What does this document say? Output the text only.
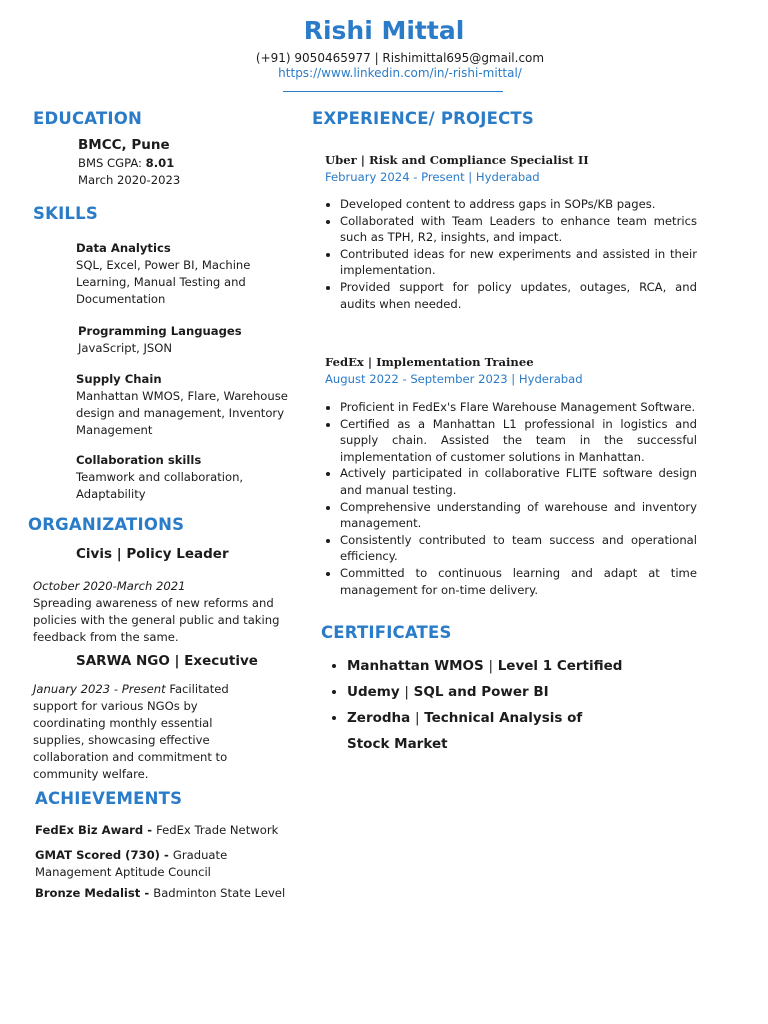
Rishi Mittal
(+91) 9050465977 | Rishimittal695@gmail.com
https://www.linkedin.com/in/-rishi-mittal/
EDUCATION
BMCC, Pune
BMS CGPA: 8.01
March 2020-2023
SKILLS
Data Analytics
SQL, Excel, Power BI, Machine Learning, Manual Testing and Documentation
Programming Languages
JavaScript, JSON
Supply Chain
Manhattan WMOS, Flare, Warehouse design and management, Inventory Management
Collaboration skills
Teamwork and collaboration, Adaptability
ORGANIZATIONS
Civis | Policy Leader
October 2020-March 2021
Spreading awareness of new reforms and policies with the general public and taking feedback from the same.
SARWA NGO | Executive
January 2023 - Present Facilitated support for various NGOs by coordinating monthly essential supplies, showcasing effective collaboration and commitment to community welfare.
ACHIEVEMENTS
FedEx Biz Award - FedEx Trade Network
GMAT Scored (730) - Graduate Management Aptitude Council
Bronze Medalist - Badminton State Level
EXPERIENCE/ PROJECTS
Uber | Risk and Compliance Specialist II
February 2024 - Present | Hyderabad
• Developed content to address gaps in SOPs/KB pages.
• Collaborated with Team Leaders to enhance team metrics such as TPH, R2, insights, and impact.
• Contributed ideas for new experiments and assisted in their implementation.
• Provided support for policy updates, outages, RCA, and audits when needed.
FedEx | Implementation Trainee
August 2022 - September 2023 | Hyderabad
• Proficient in FedEx's Flare Warehouse Management Software.
• Certified as a Manhattan L1 professional in logistics and supply chain. Assisted the team in the successful implementation of customer solutions in Manhattan.
• Actively participated in collaborative FLITE software design and manual testing.
• Comprehensive understanding of warehouse and inventory management.
• Consistently contributed to team success and operational efficiency.
• Committed to continuous learning and adapt at time management for on-time delivery.
CERTIFICATES
• Manhattan WMOS | Level 1 Certified
• Udemy | SQL and Power BI
• Zerodha | Technical Analysis of Stock Market
